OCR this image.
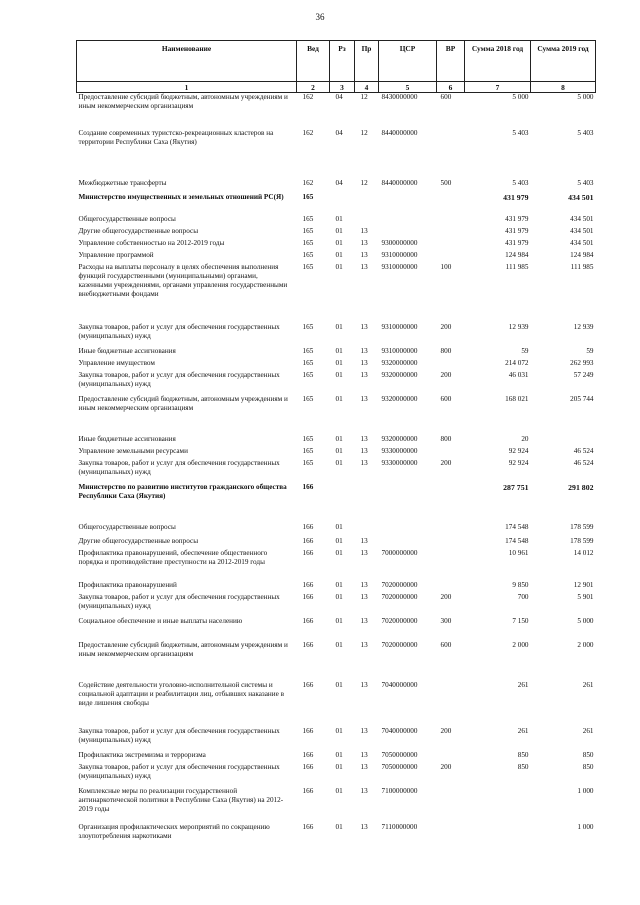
36
Наименование	Вед	Рз	Пр	ЦСР	ВР	Сумма 2018 год	Сумма 2019 год
1	2	3	4	5	6	7	8
Предоставление субсидий бюджетным, автономным учреждениям и иным некоммерческим организациям	162	04	12	8430000000	600	5 000	5 000
Создание современных туристско-рекреационных кластеров на территории Республики Саха (Якутия)	162	04	12	8440000000		5 403	5 403
Межбюджетные трансферты	162	04	12	8440000000	500	5 403	5 403
Министерство имущественных и земельных отношений РС(Я)	165					431 979	434 501
Общегосударственные вопросы	165	01				431 979	434 501
Другие общегосударственные вопросы	165	01	13			431 979	434 501
Управление собственностью на 2012-2019 годы	165	01	13	9300000000		431 979	434 501
Управление программой	165	01	13	9310000000		124 984	124 984
Расходы на выплаты персоналу в целях обеспечения выполнения функций государственными (муниципальными) органами, казенными учреждениями, органами управления государственными внебюджетными фондами	165	01	13	9310000000	100	111 985	111 985
Закупка товаров, работ и услуг для обеспечения государственных (муниципальных) нужд	165	01	13	9310000000	200	12 939	12 939
Иные бюджетные ассигнования	165	01	13	9310000000	800	59	59
Управление имуществом	165	01	13	9320000000		214 072	262 993
Закупка товаров, работ и услуг для обеспечения государственных (муниципальных) нужд	165	01	13	9320000000	200	46 031	57 249
Предоставление субсидий бюджетным, автономным учреждениям и иным некоммерческим организациям	165	01	13	9320000000	600	168 021	205 744
Иные бюджетные ассигнования	165	01	13	9320000000	800	20	
Управление земельными ресурсами	165	01	13	9330000000		92 924	46 524
Закупка товаров, работ и услуг для обеспечения государственных (муниципальных) нужд	165	01	13	9330000000	200	92 924	46 524
Министерство по развитию институтов гражданского общества Республики Саха (Якутия)	166					287 751	291 802
Общегосударственные вопросы	166	01				174 548	178 599
Другие общегосударственные вопросы	166	01	13			174 548	178 599
Профилактика правонарушений, обеспечение общественного порядка и противодействие преступности на 2012-2019 годы	166	01	13	7000000000		10 961	14 012
Профилактика правонарушений	166	01	13	7020000000		9 850	12 901
Закупка товаров, работ и услуг для обеспечения государственных (муниципальных) нужд	166	01	13	7020000000	200	700	5 901
Социальное обеспечение и иные выплаты населению	166	01	13	7020000000	300	7 150	5 000
Предоставление субсидий бюджетным, автономным учреждениям и иным некоммерческим организациям	166	01	13	7020000000	600	2 000	2 000
Содействие деятельности уголовно-исполнительной системы и социальной адаптации и реабилитации лиц, отбывших наказание в виде лишения свободы	166	01	13	7040000000		261	261
Закупка товаров, работ и услуг для обеспечения государственных (муниципальных) нужд	166	01	13	7040000000	200	261	261
Профилактика экстремизма и терроризма	166	01	13	7050000000		850	850
Закупка товаров, работ и услуг для обеспечения государственных (муниципальных) нужд	166	01	13	7050000000	200	850	850
Комплексные меры по реализации государственной антинаркотической политики в Республике Саха (Якутия) на 2012-2019 годы	166	01	13	7100000000			1 000
Организация профилактических мероприятий по сокращению злоупотребления наркотиками	166	01	13	7110000000			1 000
